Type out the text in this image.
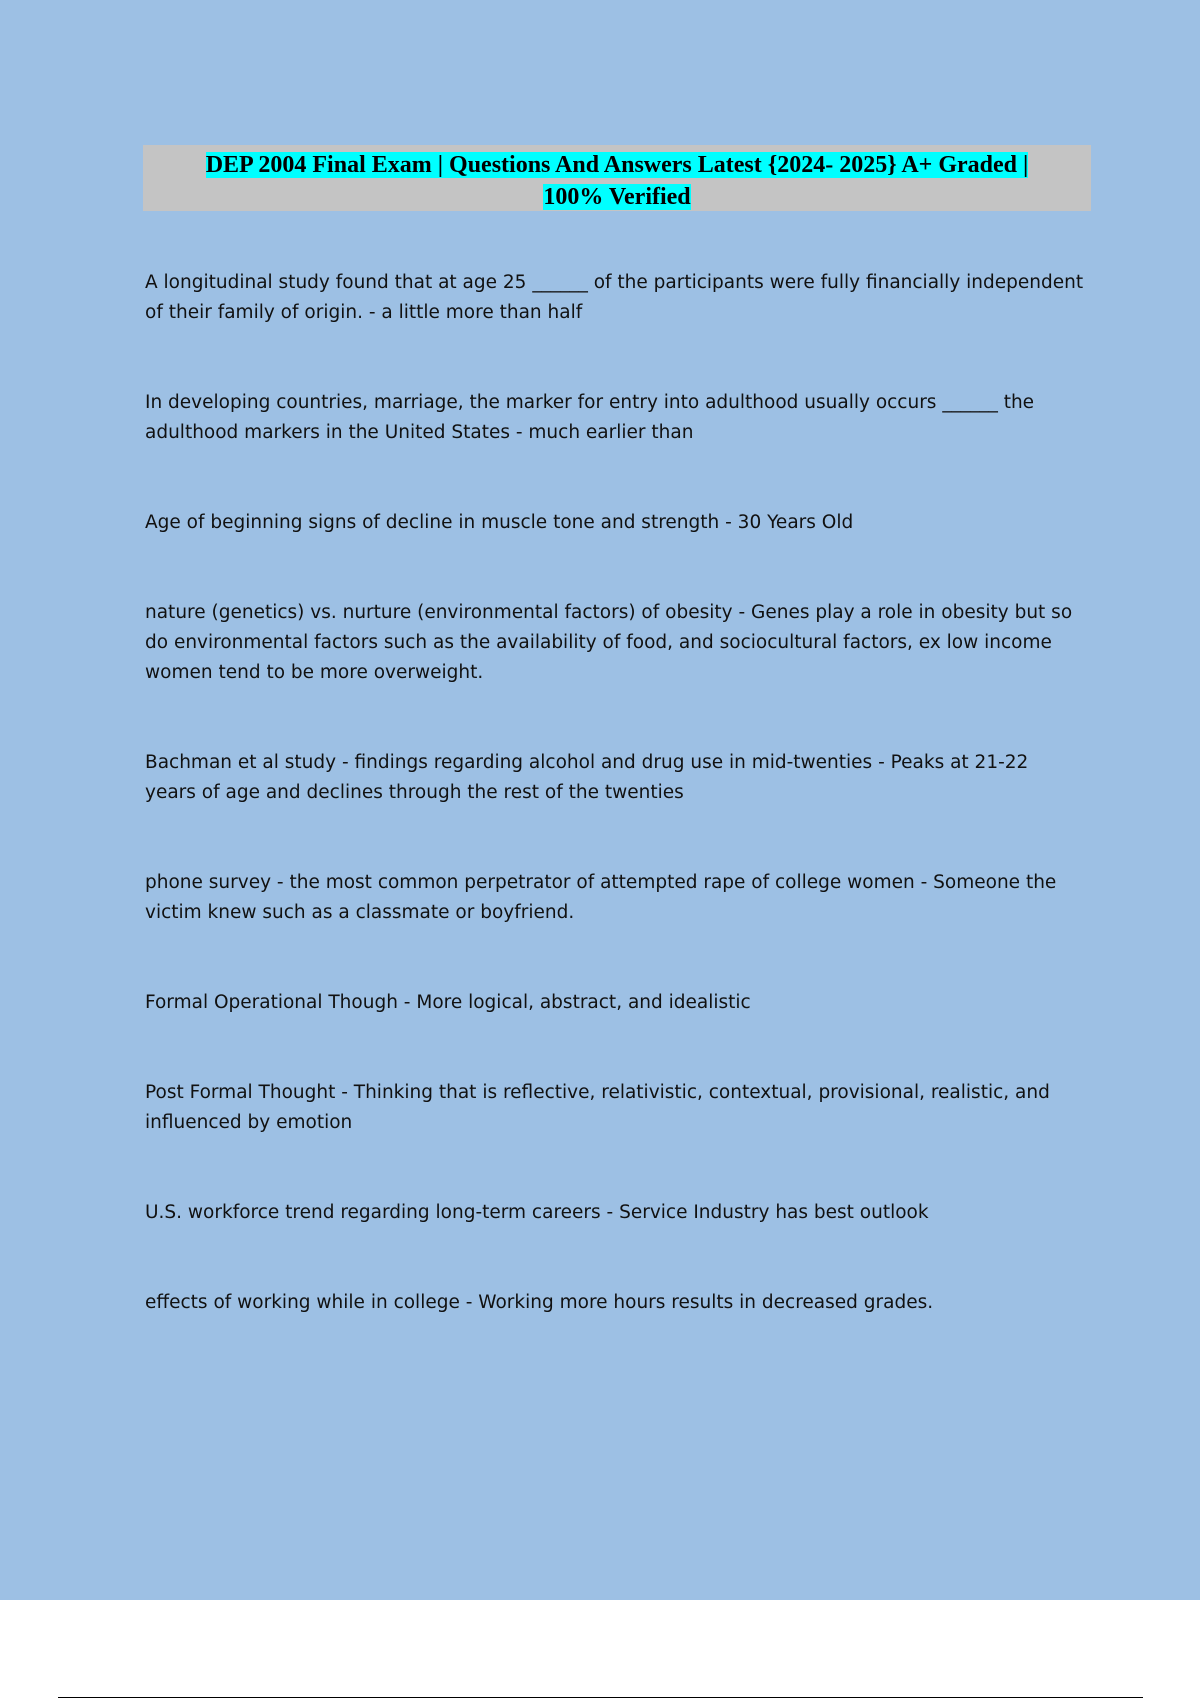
DEP 2004 Final Exam | Questions And Answers Latest {2024- 2025} A+ Graded |
100% Verified
A longitudinal study found that at age 25 ______ of the participants were fully financially independent of their family of origin. - a little more than half
In developing countries, marriage, the marker for entry into adulthood usually occurs ______ the adulthood markers in the United States - much earlier than
Age of beginning signs of decline in muscle tone and strength - 30 Years Old
nature (genetics) vs. nurture (environmental factors) of obesity - Genes play a role in obesity but so do environmental factors such as the availability of food, and sociocultural factors, ex low income women tend to be more overweight.
Bachman et al study - findings regarding alcohol and drug use in mid-twenties - Peaks at 21-22 years of age and declines through the rest of the twenties
phone survey - the most common perpetrator of attempted rape of college women - Someone the victim knew such as a classmate or boyfriend.
Formal Operational Though - More logical, abstract, and idealistic
Post Formal Thought - Thinking that is reflective, relativistic, contextual, provisional, realistic, and influenced by emotion
U.S. workforce trend regarding long-term careers - Service Industry has best outlook
effects of working while in college - Working more hours results in decreased grades.
